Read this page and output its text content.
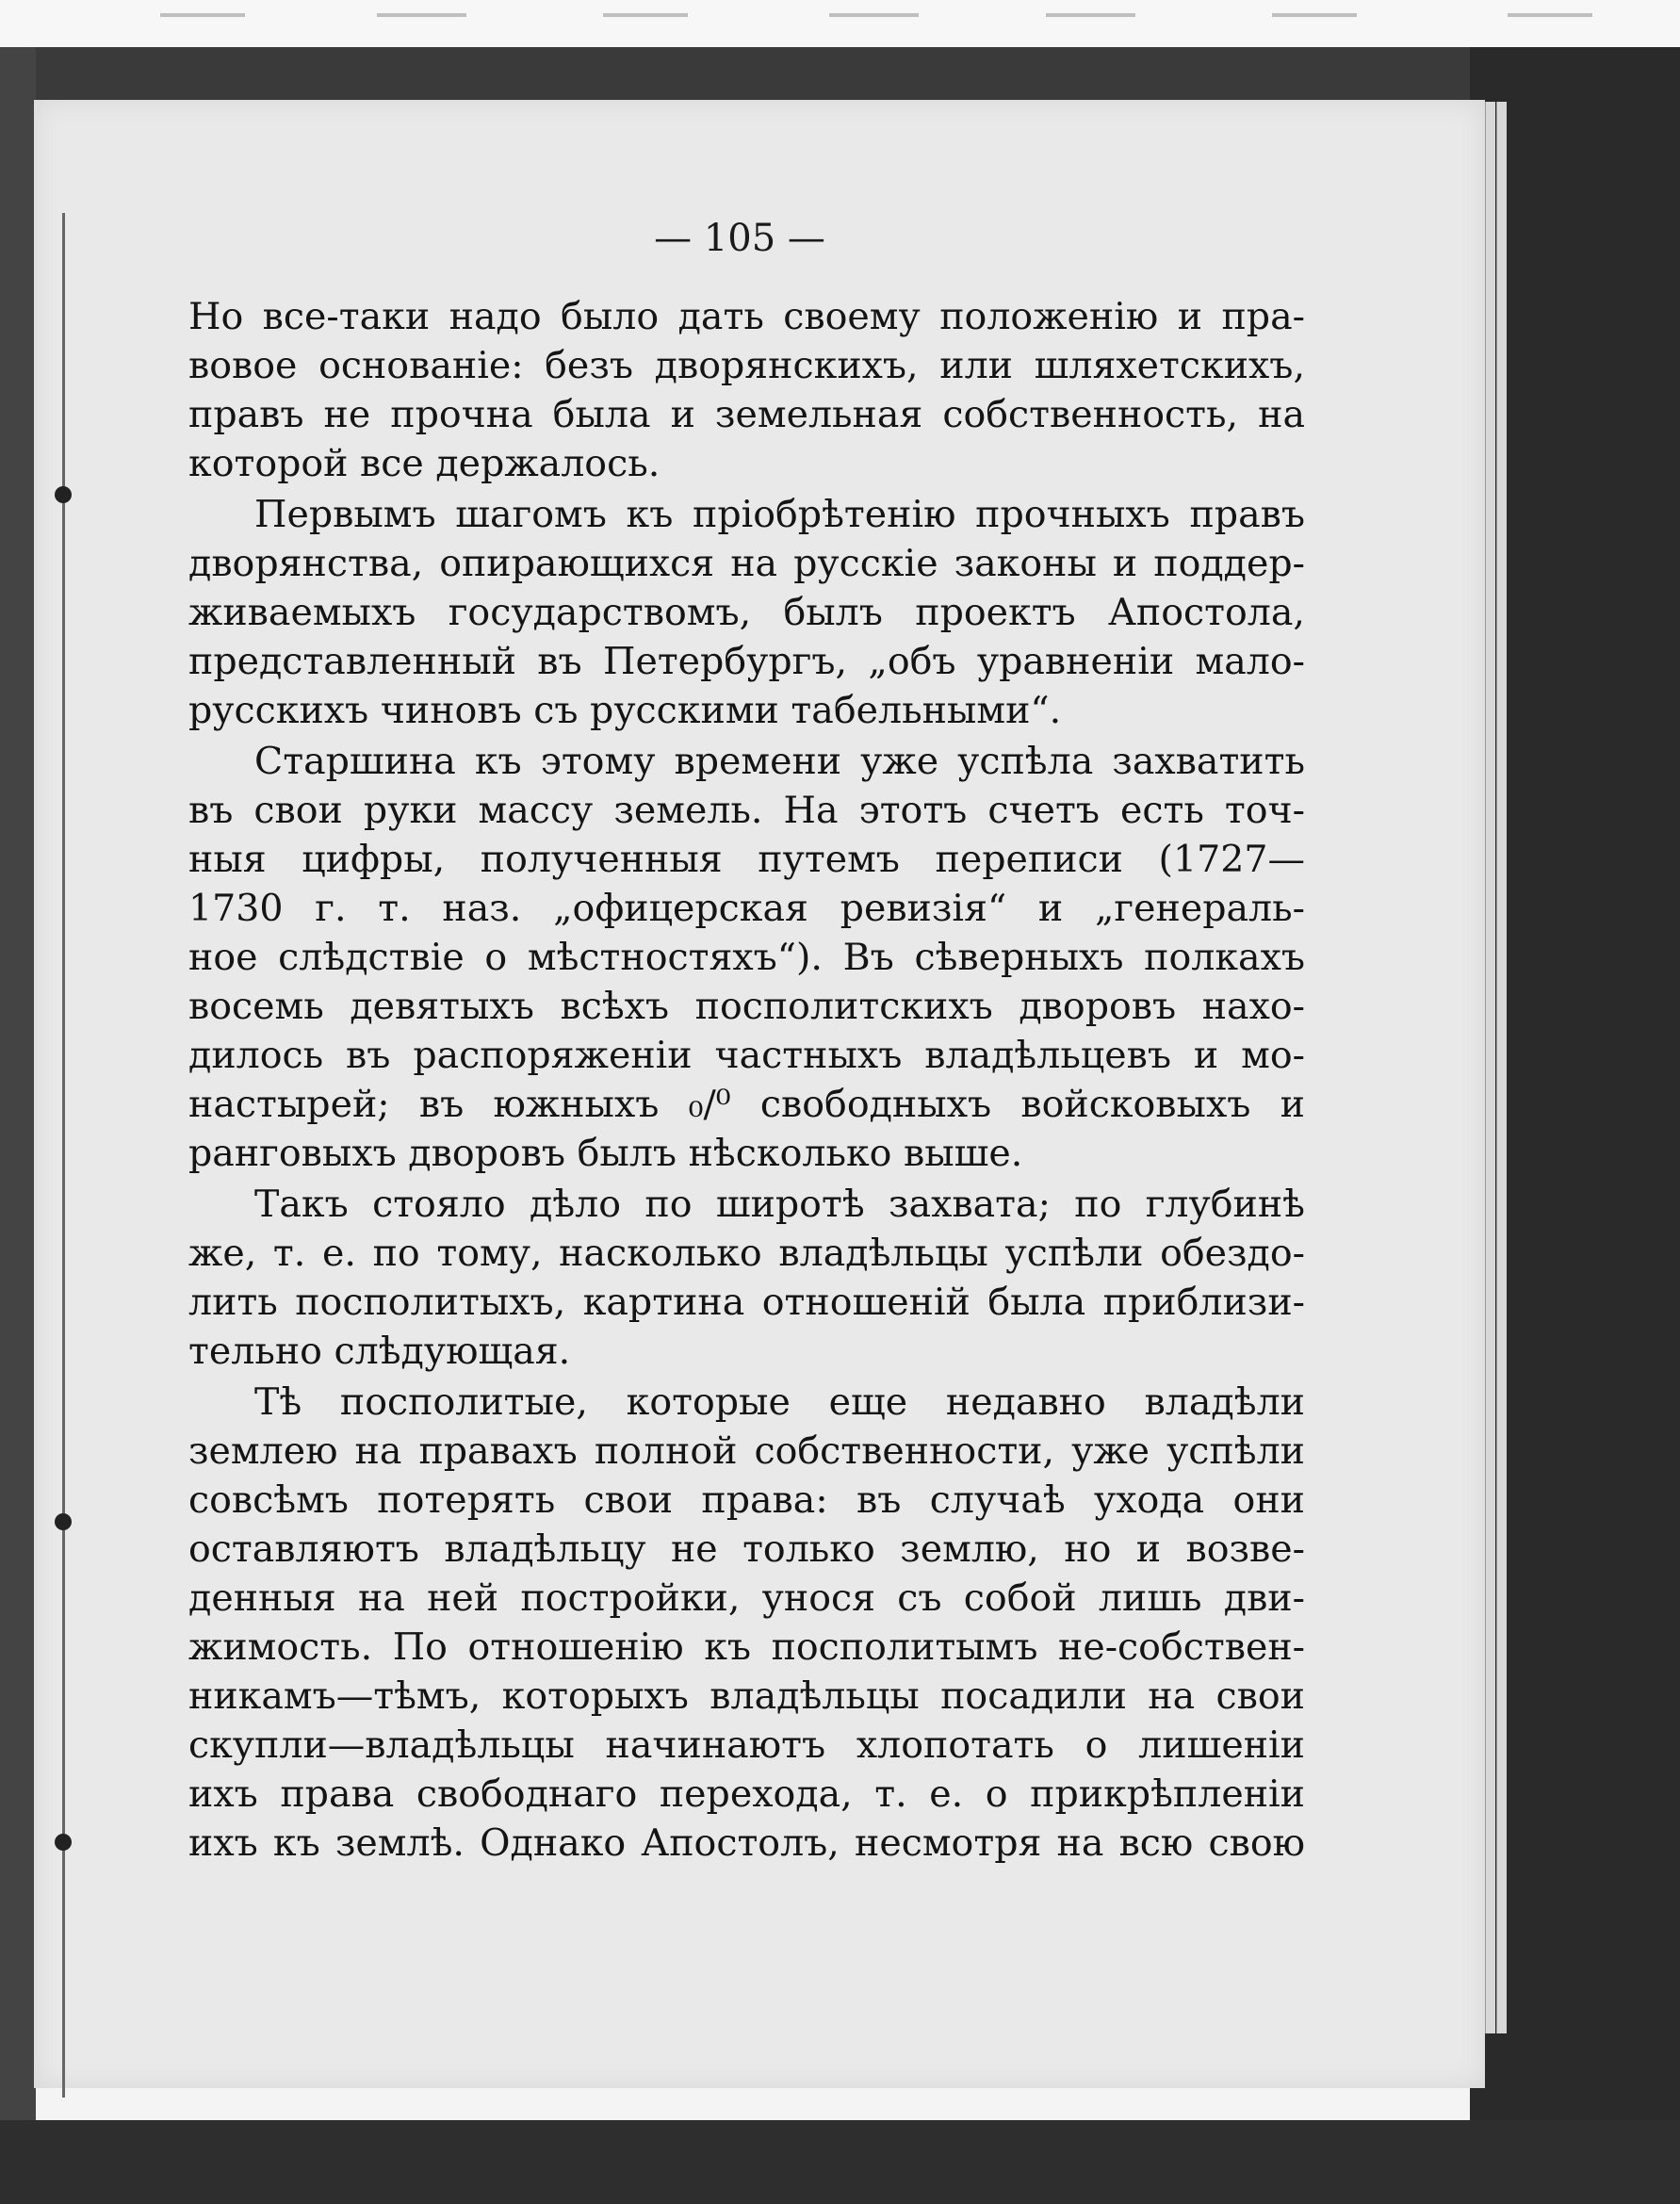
— 105 —
Но все-таки надо было дать своему положенію и пра-
вовое основаніе: безъ дворянскихъ, или шляхетскихъ,
правъ не прочна была и земельная собственность, на
которой все держалось.
Первымъ шагомъ къ пріобрѣтенію прочныхъ правъ
дворянства, опирающихся на русскіе законы и поддер-
живаемыхъ государствомъ, былъ проектъ Апостола,
представленный въ Петербургъ, „объ уравненіи мало-
русскихъ чиновъ съ русскими табельными“.
Старшина къ этому времени уже успѣла захватить
въ свои руки массу земель. На этотъ счетъ есть точ-
ныя цифры, полученныя путемъ переписи (1727—
1730 г. т. наз. „офицерская ревизія“ и „генераль-
ное слѣдствіе о мѣстностяхъ“). Въ сѣверныхъ полкахъ
восемь девятыхъ всѣхъ посполитскихъ дворовъ нахо-
дилось въ распоряженіи частныхъ владѣльцевъ и мо-
настырей; въ южныхъ ₀/⁰ свободныхъ войсковыхъ и
ранговыхъ дворовъ былъ нѣсколько выше.
Такъ стояло дѣло по широтѣ захвата; по глубинѣ
же, т. е. по тому, насколько владѣльцы успѣли обездо-
лить посполитыхъ, картина отношеній была приблизи-
тельно слѣдующая.
Тѣ посполитые, которые еще недавно владѣли
землею на правахъ полной собственности, уже успѣли
совсѣмъ потерять свои права: въ случаѣ ухода они
оставляютъ владѣльцу не только землю, но и возве-
денныя на ней постройки, унося съ собой лишь дви-
жимость. По отношенію къ посполитымъ не-собствен-
никамъ—тѣмъ, которыхъ владѣльцы посадили на свои
скупли—владѣльцы начинаютъ хлопотать о лишеніи
ихъ права свободнаго перехода, т. е. о прикрѣпленіи
ихъ къ землѣ. Однако Апостолъ, несмотря на всю свою
